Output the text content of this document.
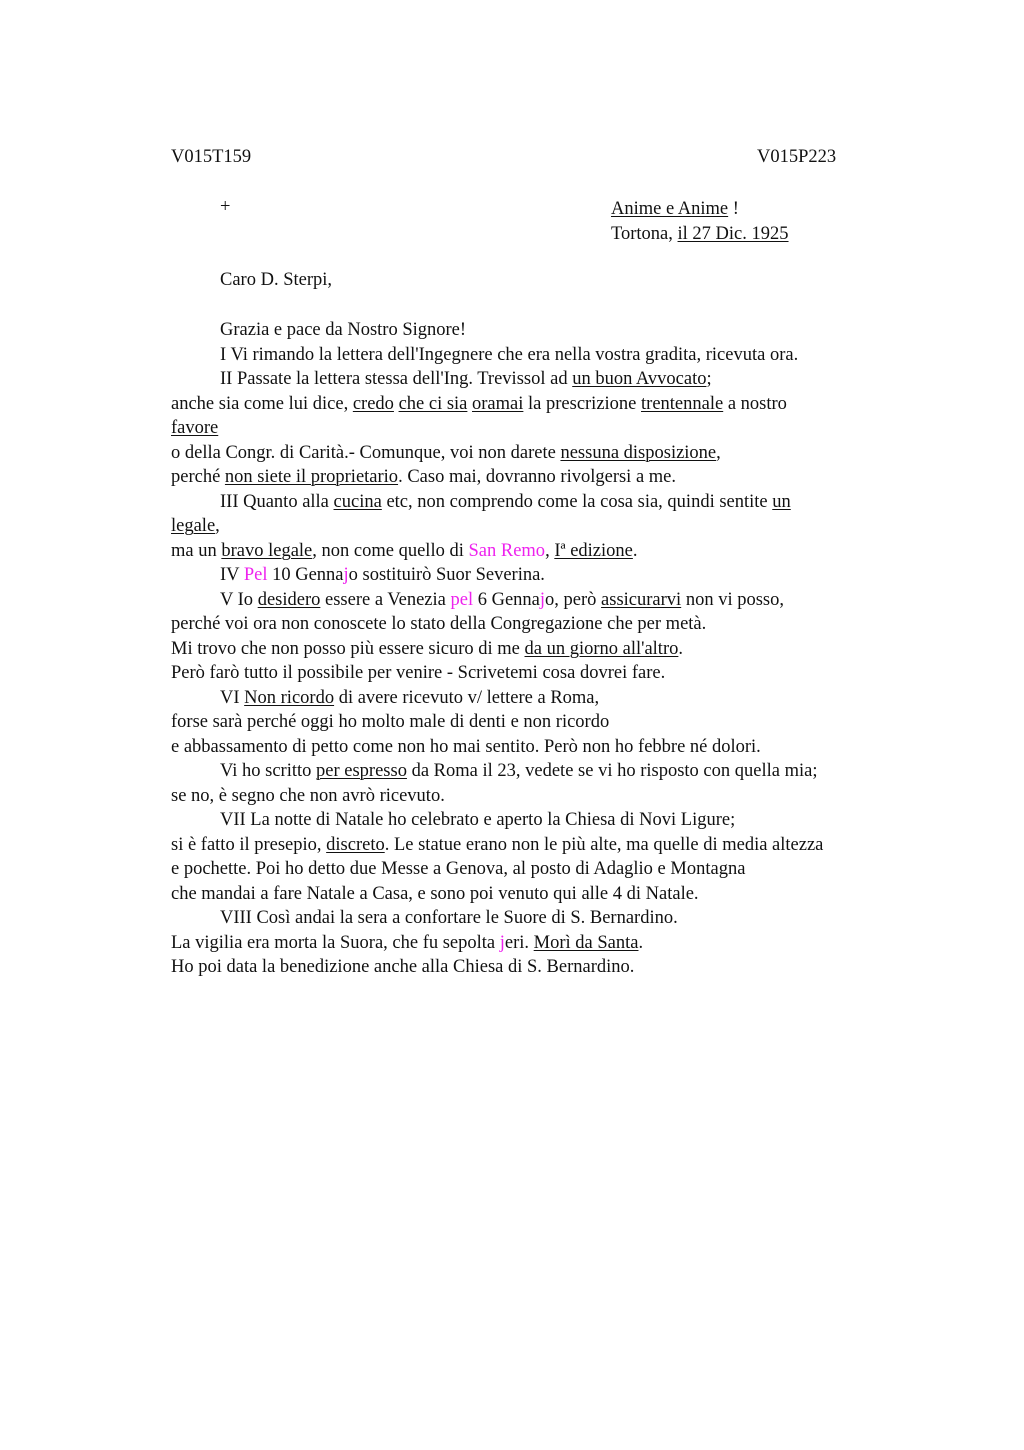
V015T159	V015P223
+	Anime e Anime !
Tortona, il 27 Dic. 1925
Caro D. Sterpi,
Grazia e pace da Nostro Signore!
I Vi rimando la lettera dell'Ingegnere che era nella vostra gradita, ricevuta ora.
II Passate la lettera stessa dell'Ing. Trevissol ad un buon Avvocato;
anche sia come lui dice, credo che ci sia oramai la prescrizione trentennale a nostro
favore
o della Congr. di Carità.- Comunque, voi non darete nessuna disposizione,
perché non siete il proprietario. Caso mai, dovranno rivolgersi a me.
III Quanto alla cucina etc, non comprendo come la cosa sia, quindi sentite un
legale,
ma un bravo legale, non come quello di San Remo, Iª edizione.
IV Pel 10 Gennajo sostituirò Suor Severina.
V Io desidero essere a Venezia pel 6 Gennajo, però assicurarvi non vi posso,
perché voi ora non conoscete lo stato della Congregazione che per metà.
Mi trovo che non posso più essere sicuro di me da un giorno all'altro.
Però farò tutto il possibile per venire - Scrivetemi cosa dovrei fare.
VI Non ricordo di avere ricevuto v/ lettere a Roma,
forse sarà perché oggi ho molto male di denti e non ricordo
e abbassamento di petto come non ho mai sentito. Però non ho febbre né dolori.
Vi ho scritto per espresso da Roma il 23, vedete se vi ho risposto con quella mia;
se no, è segno che non avrò ricevuto.
VII La notte di Natale ho celebrato e aperto la Chiesa di Novi Ligure;
si è fatto il presepio, discreto. Le statue erano non le più alte, ma quelle di media altezza
e pochette. Poi ho detto due Messe a Genova, al posto di Adaglio e Montagna
che mandai a fare Natale a Casa, e sono poi venuto qui alle 4 di Natale.
VIII Così andai la sera a confortare le Suore di S. Bernardino.
La vigilia era morta la Suora, che fu sepolta jeri. Morì da Santa.
Ho poi data la benedizione anche alla Chiesa di S. Bernardino.
